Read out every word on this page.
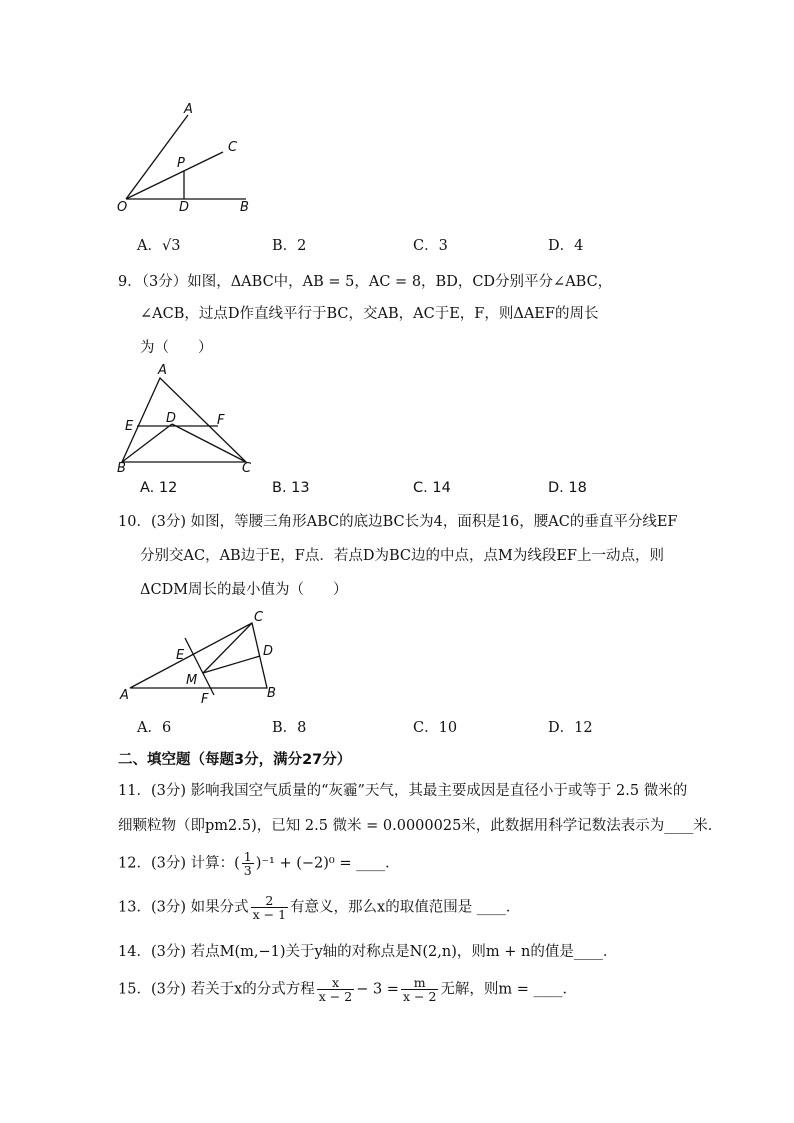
A
C
P
O	D	B
A．√3	B．2	C．3	D．4
9．（3分）如图，ΔABC中，AB = 5，AC = 8，BD，CD分别平分∠ABC，
∠ACB，过点D作直线平行于BC，交AB，AC于E，F，则ΔAEF的周长
为（　　）
A
E
D	F
B	C
A. 12	B. 13	C. 14	D. 18
10．(3分) 如图，等腰三角形ABC的底边BC长为4，面积是16，腰AC的垂直平分线EF
分别交AC，AB边于E，F点．若点D为BC边的中点，点M为线段EF上一动点，则
ΔCDM周长的最小值为（　　）
C
E	D
M
A	F	B
A．6	B．8	C．10	D．12
二、填空题（每题3分，满分27分）
11．(3分) 影响我国空气质量的“灰霾”天气，其最主要成因是直径小于或等于 2.5 微米的
细颗粒物（即pm2.5)，已知 2.5 微米 = 0.0000025米，此数据用科学记数法表示为____米．
12．(3分) 计算：( $\frac{1}{3} )^{-1} + (-2)^0$ = ____．
13．(3分) 如果分式 $\frac{2}{x - 1}$ 有意义，那么x的取值范围是 ____．
14．(3分) 若点M(m,−1)关于y轴的对称点是N(2,n)，则m + n的值是____．
15．(3分) 若关于x的分式方程 $\frac{x}{x - 2} - 3 = \frac{m}{x - 2}$ 无解，则m = ____．
